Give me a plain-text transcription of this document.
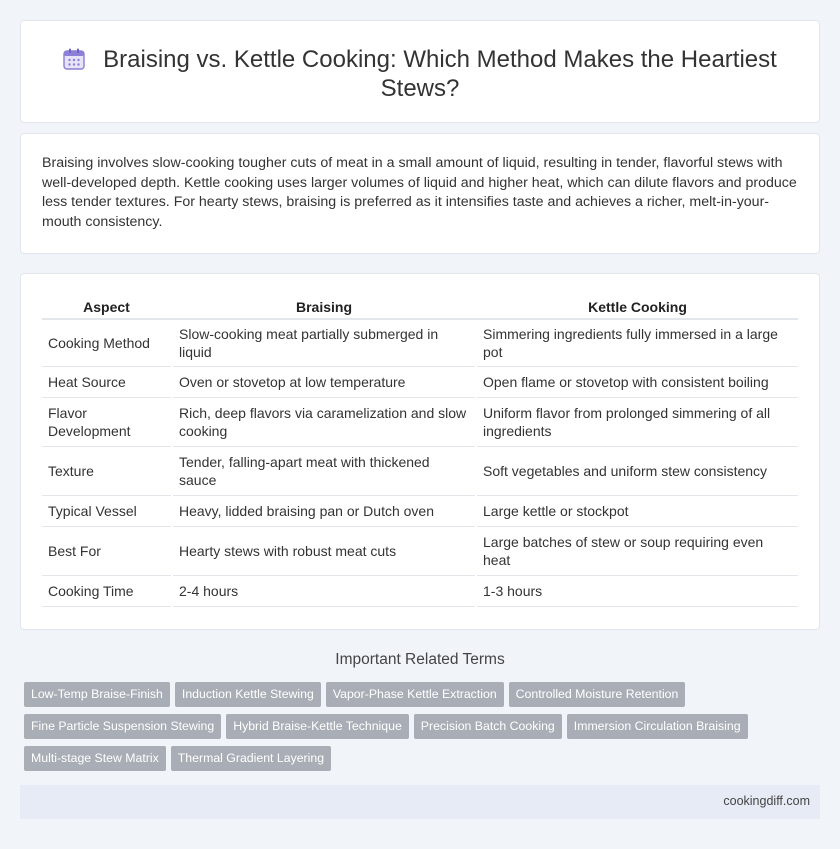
Braising vs. Kettle Cooking: Which Method Makes the Heartiest Stews?

Braising involves slow-cooking tougher cuts of meat in a small amount of liquid, resulting in tender, flavorful stews with well-developed depth. Kettle cooking uses larger volumes of liquid and higher heat, which can dilute flavors and produce less tender textures. For hearty stews, braising is preferred as it intensifies taste and achieves a richer, melt-in-your-mouth consistency.

Aspect	Braising	Kettle Cooking
Cooking Method	Slow-cooking meat partially submerged in liquid	Simmering ingredients fully immersed in a large pot
Heat Source	Oven or stovetop at low temperature	Open flame or stovetop with consistent boiling
Flavor Development	Rich, deep flavors via caramelization and slow cooking	Uniform flavor from prolonged simmering of all ingredients
Texture	Tender, falling-apart meat with thickened sauce	Soft vegetables and uniform stew consistency
Typical Vessel	Heavy, lidded braising pan or Dutch oven	Large kettle or stockpot
Best For	Hearty stews with robust meat cuts	Large batches of stew or soup requiring even heat
Cooking Time	2-4 hours	1-3 hours
Important Related Terms
Low-Temp Braise-Finish Induction Kettle Stewing Vapor-Phase Kettle Extraction Controlled Moisture Retention
Fine Particle Suspension Stewing Hybrid Braise-Kettle Technique Precision Batch Cooking Immersion Circulation Braising
Multi-stage Stew Matrix Thermal Gradient Layering
cookingdiff.com
